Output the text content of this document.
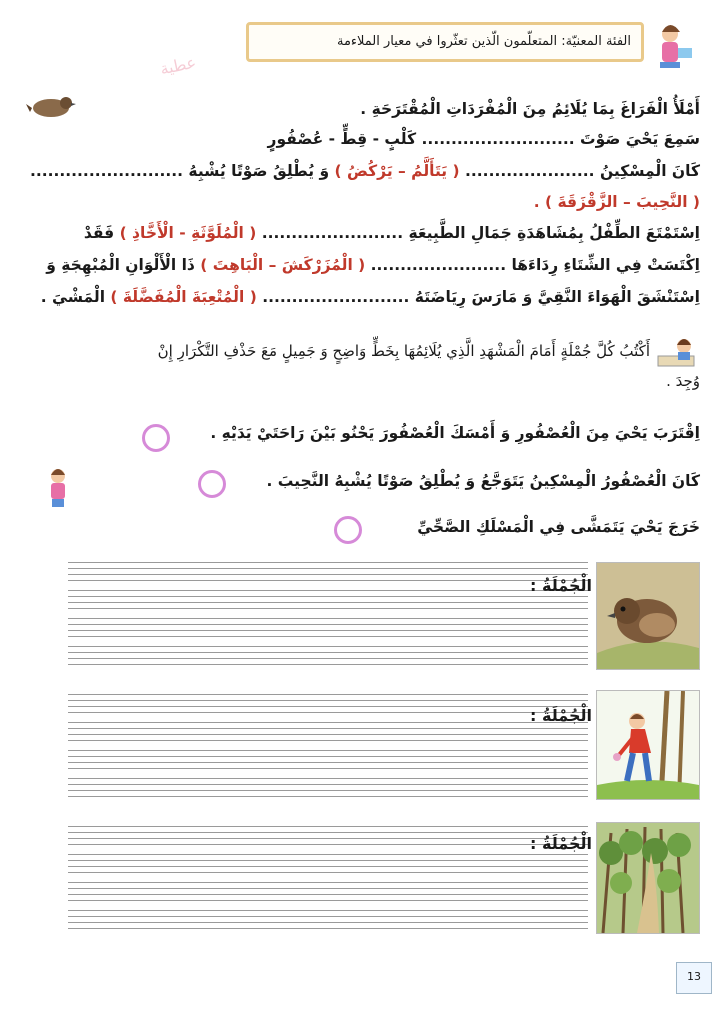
الفئة المعنيّة: المتعلّمون الّذين تعثّروا في معيار الملاءمة
عطية
أَمْلَأُ الْفَرَاغَ بِمَا يُلَائِمُ مِنَ الْمُفْرَدَاتِ الْمُقْتَرَحَةِ .
سَمِعَ يَحْيَ صَوْتَ .......................... كَلْبٍ - قِطٍّ - عُصْفُورٍ
كَانَ الْمِسْكِينُ ...................... ( يَتَأَلَّمُ – يَرْكُضُ ) وَ يُطْلِقُ صَوْتًا يُشْبِهُ ..........................
( النَّحِيبَ – الزَّقْزَقَةَ ) .
اِسْتَمْتَعَ الطِّفْلُ بِمُشَاهَدَةِ جَمَالِ الطَّبِيعَةِ ........................ ( الْمُلَوَّثَةِ - الْأَخَّاذِ ) فَقَدْ
اِكْتَسَتْ فِي الشِّتَاءِ رِدَاءَهَا ....................... ( الْمُزَرْكَشَ – الْبَاهِتَ ) ذَا الْأَلْوَانِ الْمُبْهِجَةِ وَ
اِسْتَنْشَقَ الْهَوَاءَ النَّقِيَّ وَ مَارَسَ رِيَاضَتَهُ ......................... ( الْمُتْعِبَةَ الْمُفَضَّلَةَ ) الْمَشْيَ .
أَكْتُبُ كُلَّ جُمْلَةٍ أَمَامَ الْمَشْهَدِ الَّذِي يُلَائِمُهَا بِخَطٍّ وَاضِحٍ وَ جَمِيلٍ مَعَ حَذْفِ التَّكْرَارِ إِنْ
وُجِدَ .
اِقْتَرَبَ يَحْيَ مِنَ الْعُصْفُورِ وَ أَمْسَكَ الْعُصْفُورَ يَحْنُو بَيْنَ رَاحَتَيْ يَدَيْهِ .
كَانَ الْعُصْفُورُ الْمِسْكِينُ يَتَوَجَّعُ وَ يُطْلِقُ صَوْتًا يُشْبِهُ النَّحِيبَ .
خَرَجَ يَحْيَ يَتَمَشَّى فِي الْمَسْلَكِ الصَّحِّيِّ
الْجُمْلَةُ :
الْجُمْلَةُ :
الْجُمْلَةُ :
13
